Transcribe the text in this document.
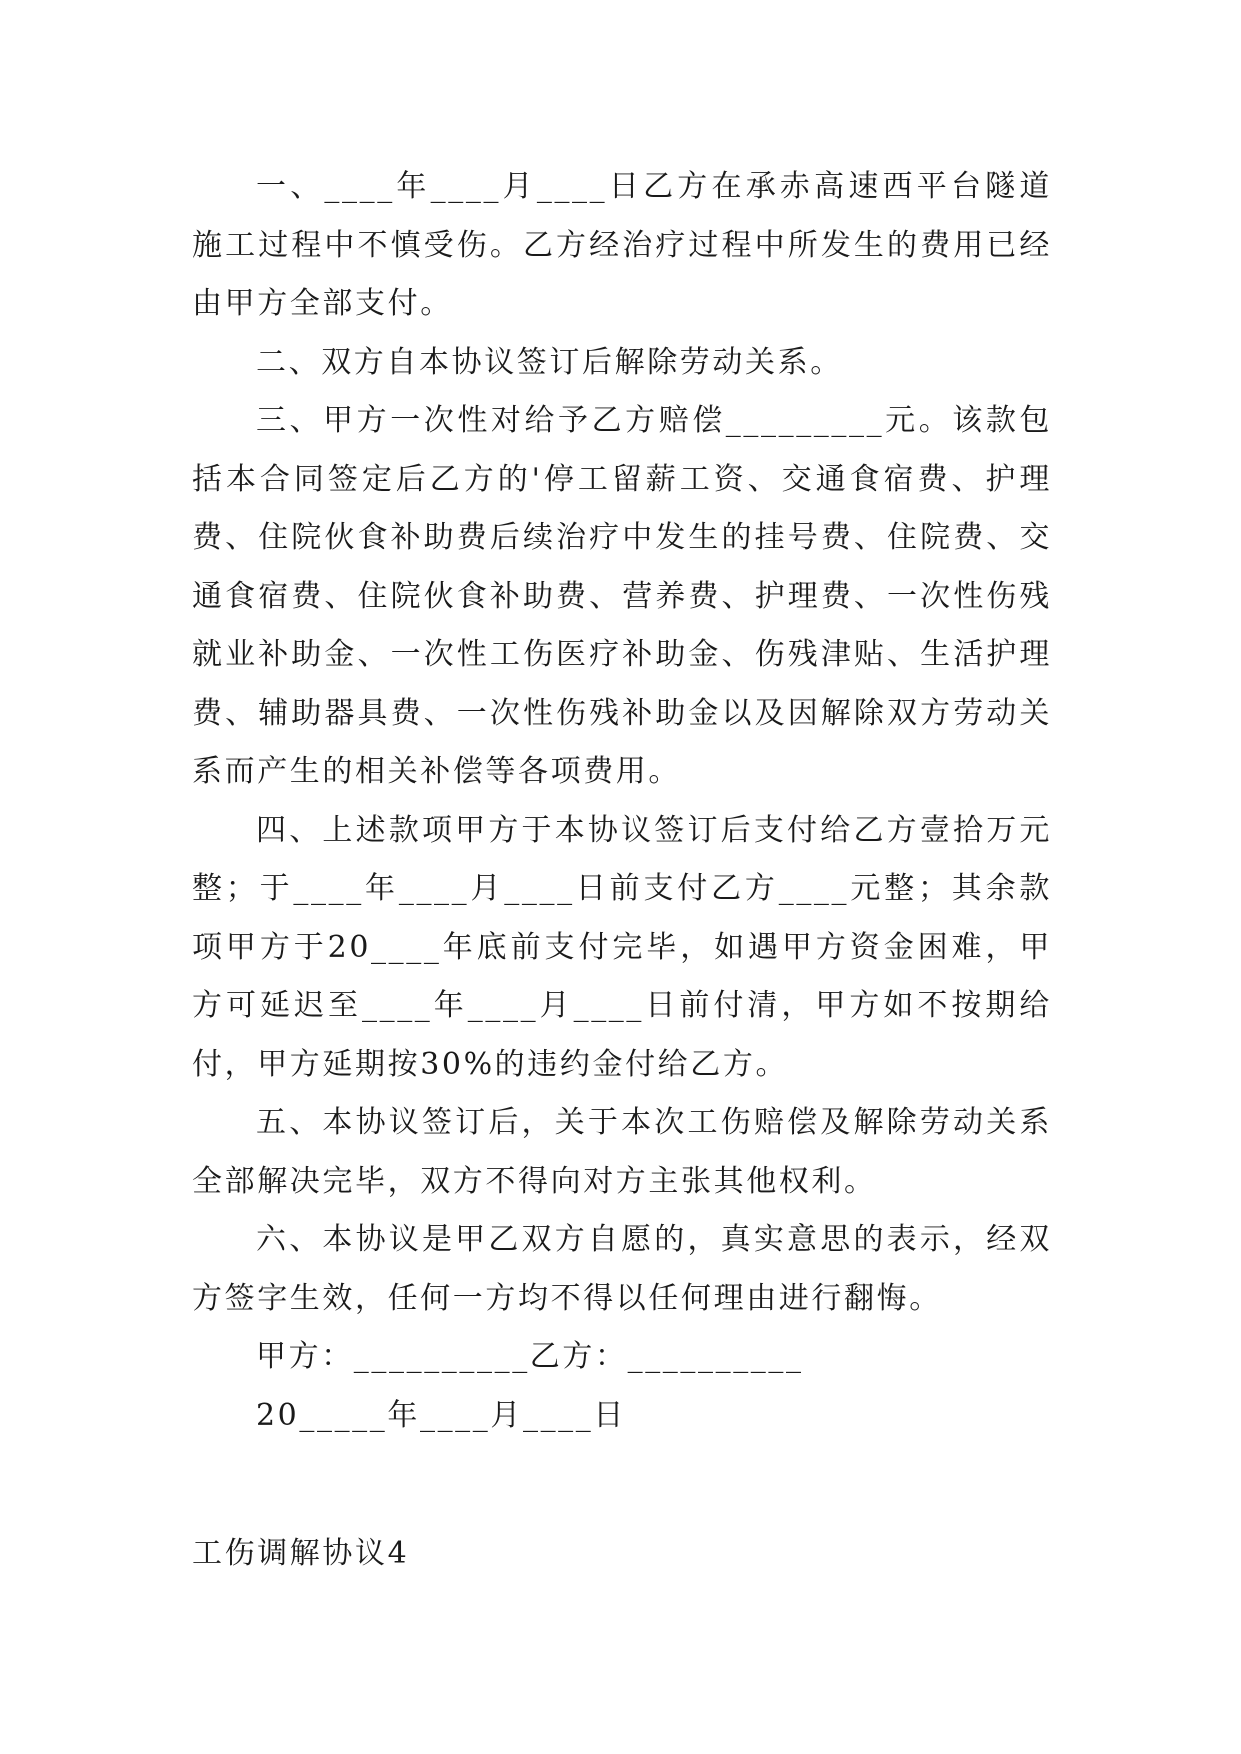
一、____年____月____日乙方在承赤高速西平台隧道施工过程中不慎受伤。乙方经治疗过程中所发生的费用已经由甲方全部支付。

二、双方自本协议签订后解除劳动关系。

三、甲方一次性对给予乙方赔偿_________元。该款包括本合同签定后乙方的'停工留薪工资、交通食宿费、护理费、住院伙食补助费后续治疗中发生的挂号费、住院费、交通食宿费、住院伙食补助费、营养费、护理费、一次性伤残就业补助金、一次性工伤医疗补助金、伤残津贴、生活护理费、辅助器具费、一次性伤残补助金以及因解除双方劳动关系而产生的相关补偿等各项费用。

四、上述款项甲方于本协议签订后支付给乙方壹拾万元整；于____年____月____日前支付乙方____元整；其余款项甲方于20____年底前支付完毕，如遇甲方资金困难，甲方可延迟至____年____月____日前付清，甲方如不按期给付，甲方延期按30%的违约金付给乙方。

五、本协议签订后，关于本次工伤赔偿及解除劳动关系全部解决完毕，双方不得向对方主张其他权利。

六、本协议是甲乙双方自愿的，真实意思的表示，经双方签字生效，任何一方均不得以任何理由进行翻悔。

甲方：__________乙方：__________

20_____年____月____日

工伤调解协议4
